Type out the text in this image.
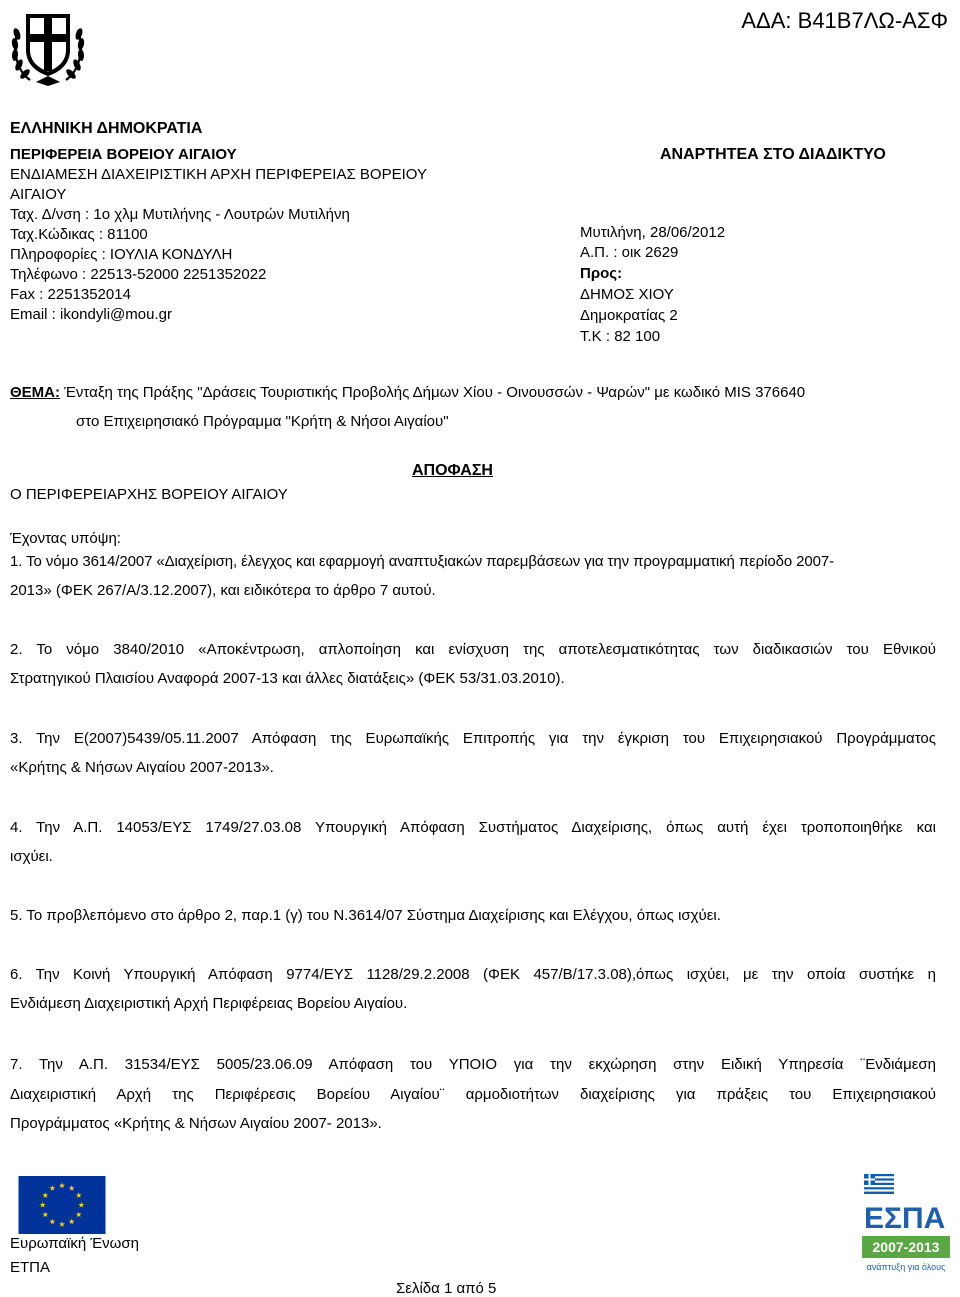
ΑΔΑ: Β41Β7ΛΩ-ΑΣΦ
ΕΛΛΗΝΙΚΗ ΔΗΜΟΚΡΑΤΙΑ
ΠΕΡΙΦΕΡΕΙΑ ΒΟΡΕΙΟΥ ΑΙΓΑΙΟΥ
ΕΝΔΙΑΜΕΣΗ ΔΙΑΧΕΙΡΙΣΤΙΚΗ ΑΡΧΗ ΠΕΡΙΦΕΡΕΙΑΣ ΒΟΡΕΙΟΥ
ΑΙΓΑΙΟΥ
Ταχ. Δ/νση : 1ο χλμ Μυτιλήνης - Λουτρών Μυτιλήνη
Ταχ.Κώδικας : 81100
Πληροφορίες : ΙΟΥΛΙΑ ΚΟΝΔΥΛΗ
Τηλέφωνο : 22513-52000 2251352022
Fax : 2251352014
Email : ikondyli@mou.gr
ΑΝΑΡΤΗΤΕΑ ΣΤΟ ΔΙΑΔΙΚΤΥΟ
Μυτιλήνη, 28/06/2012
Α.Π. : οικ 2629
Προς:
ΔΗΜΟΣ ΧΙΟΥ
Δημοκρατίας 2
Τ.Κ : 82 100
ΘΕΜΑ: Ένταξη της Πράξης "Δράσεις Τουριστικής Προβολής Δήμων Χίου - Οινουσσών - Ψαρών" με κωδικό MIS 376640
στο Επιχειρησιακό Πρόγραμμα "Κρήτη & Νήσοι Αιγαίου"
ΑΠΟΦΑΣΗ
Ο ΠΕΡΙΦΕΡΕΙΑΡΧΗΣ ΒΟΡΕΙΟΥ ΑΙΓΑΙΟΥ
Έχοντας υπόψη:
1. Το νόμο 3614/2007 «Διαχείριση, έλεγχος και εφαρμογή αναπτυξιακών παρεμβάσεων για την προγραμματική περίοδο 2007-
2013» (ΦΕΚ 267/Α/3.12.2007), και ειδικότερα το άρθρο 7 αυτού.
2. Το νόμο 3840/2010 «Αποκέντρωση, απλοποίηση και ενίσχυση της αποτελεσματικότητας των διαδικασιών του Εθνικού
Στρατηγικού Πλαισίου Αναφορά 2007-13 και άλλες διατάξεις» (ΦΕΚ 53/31.03.2010).
3. Την Ε(2007)5439/05.11.2007 Απόφαση της Ευρωπαϊκής Επιτροπής για την έγκριση του Επιχειρησιακού Προγράμματος
«Κρήτης & Νήσων Αιγαίου 2007-2013».
4. Την Α.Π. 14053/ΕΥΣ 1749/27.03.08 Υπουργική Απόφαση Συστήματος Διαχείρισης, όπως αυτή έχει τροποποιηθήκε και
ισχύει.
5. Το προβλεπόμενο στο άρθρο 2, παρ.1 (γ) του Ν.3614/07 Σύστημα Διαχείρισης και Ελέγχου, όπως ισχύει.
6. Την Κοινή Υπουργική Απόφαση 9774/ΕΥΣ 1128/29.2.2008 (ΦΕΚ 457/Β/17.3.08),όπως ισχύει, με την οποία συστήκε η
Ενδιάμεση Διαχειριστική Αρχή Περιφέρειας Βορείου Αιγαίου.
7. Την Α.Π. 31534/ΕΥΣ 5005/23.06.09 Απόφαση του ΥΠΟΙΟ για την εκχώρηση στην Ειδική Υπηρεσία ¨Ενδιάμεση
Διαχειριστική Αρχή της Περιφέρεσις Βορείου Αιγαίου¨ αρμοδιοτήτων διαχείρισης για πράξεις του Επιχειρησιακού
Προγράμματος «Κρήτης & Νήσων Αιγαίου 2007- 2013».
Ευρωπαϊκή Ένωση
ΕΤΠΑ
Σελίδα 1 από 5
ΕΣΠΑ
2007-2013
ανάπτυξη για όλους
